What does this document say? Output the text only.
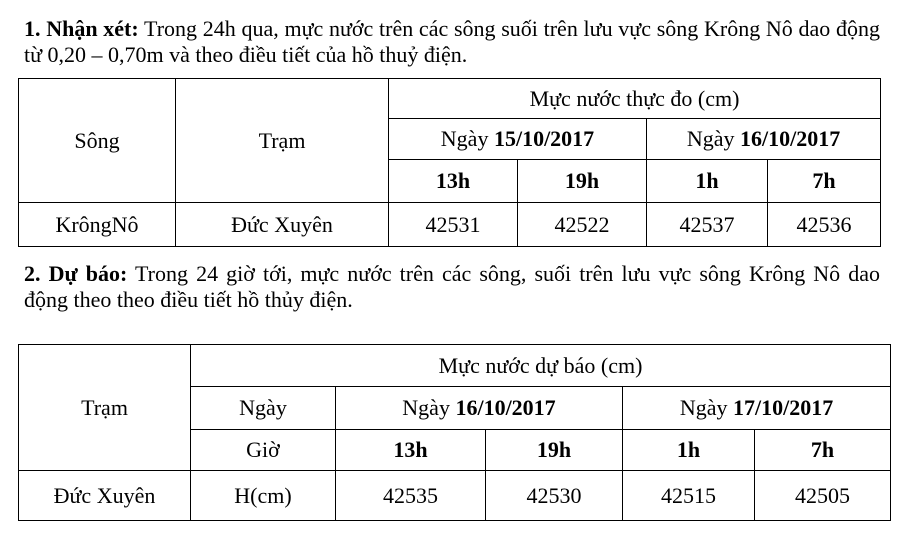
1. Nhận xét: Trong 24h qua, mực nước trên các sông suối trên lưu vực sông Krông Nô dao động từ 0,20 – 0,70m và theo điều tiết của hồ thuỷ điện.
Sông	Trạm	Mực nước thực đo (cm)			
		Ngày 15/10/2017		Ngày 16/10/2017	
		13h	19h	1h	7h
KrôngNô	Đức Xuyên	42531	42522	42537	42536
2. Dự báo: Trong 24 giờ tới, mực nước trên các sông, suối trên lưu vực sông Krông Nô dao động theo theo điều tiết hồ thủy điện.
Trạm	Mực nước dự báo (cm)				
	Ngày	Ngày 16/10/2017		Ngày 17/10/2017	
	Giờ	13h	19h	1h	7h
Đức Xuyên	H(cm)	42535	42530	42515	42505
